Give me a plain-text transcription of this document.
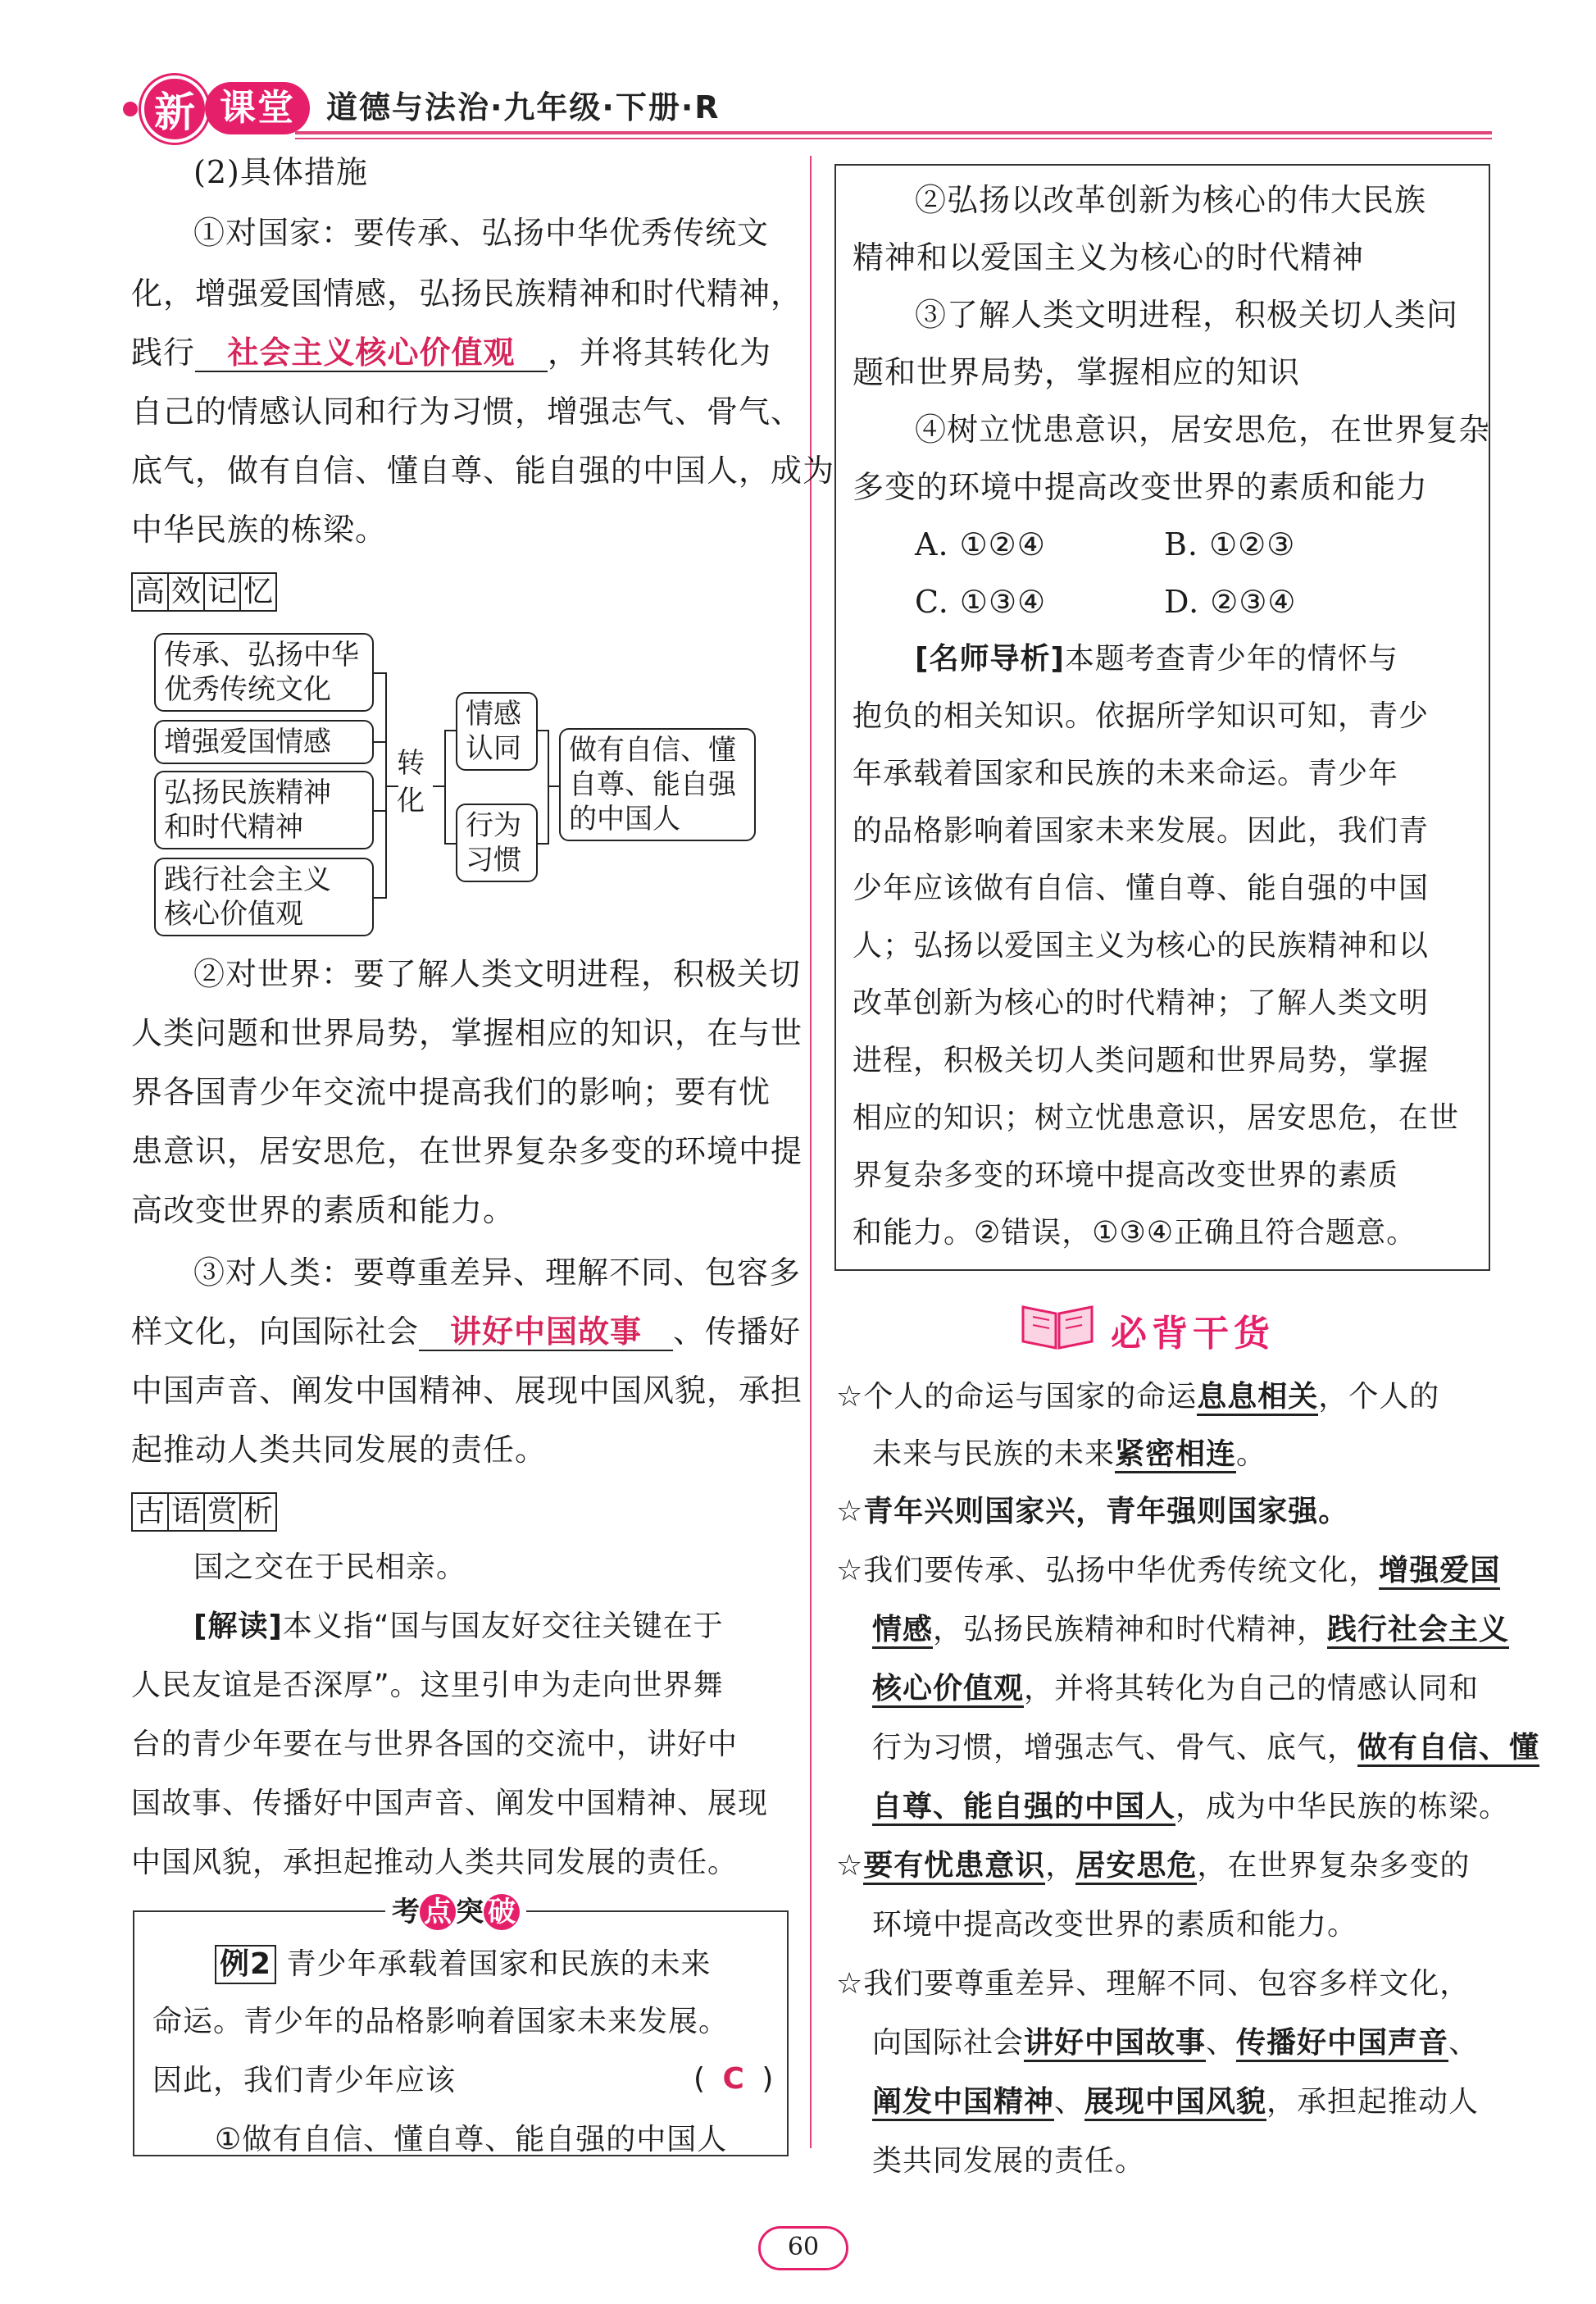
新 课堂	道德与法治·九年级·下册·R
(2)具体措施
①对国家：要传承、弘扬中华优秀传统文
化，增强爱国情感，弘扬民族精神和时代精神，
践行 社会主义核心价值观 ，并将其转化为
自己的情感认同和行为习惯，增强志气、骨气、
底气，做有自信、懂自尊、能自强的中国人，成为
中华民族的栋梁。
高 效 记 忆
传承、弘扬中华
优秀传统文化
增强爱国情感
弘扬民族精神
和时代精神
践行社会主义
核心价值观
转
化
情感
认同
行为
习惯
做有自信、懂
自尊、能自强
的中国人
②对世界：要了解人类文明进程，积极关切
人类问题和世界局势，掌握相应的知识，在与世
界各国青少年交流中提高我们的影响；要有忧
患意识，居安思危，在世界复杂多变的环境中提
高改变世界的素质和能力。
③对人类：要尊重差异、理解不同、包容多
样文化，向国际社会 讲好中国故事 、传播好
中国声音、阐发中国精神、展现中国风貌，承担
起推动人类共同发展的责任。
古 语 赏 析
国之交在于民相亲。
[解读]本义指“国与国友好交往关键在于
人民友谊是否深厚”。这里引申为走向世界舞
台的青少年要在与世界各国的交流中，讲好中
国故事、传播好中国声音、阐发中国精神、展现
中国风貌，承担起推动人类共同发展的责任。
考 点 突 破
例2 青少年承载着国家和民族的未来
命运。青少年的品格影响着国家未来发展。
因此，我们青少年应该	( C )
①做有自信、懂自尊、能自强的中国人
②弘扬以改革创新为核心的伟大民族
精神和以爱国主义为核心的时代精神
③了解人类文明进程，积极关切人类问
题和世界局势，掌握相应的知识
④树立忧患意识，居安思危，在世界复杂
多变的环境中提高改变世界的素质和能力
A. ①②④	B. ①②③
C. ①③④	D. ②③④
[名师导析]本题考查青少年的情怀与
抱负的相关知识。依据所学知识可知，青少
年承载着国家和民族的未来命运。青少年
的品格影响着国家未来发展。因此，我们青
少年应该做有自信、懂自尊、能自强的中国
人；弘扬以爱国主义为核心的民族精神和以
改革创新为核心的时代精神；了解人类文明
进程，积极关切人类问题和世界局势，掌握
相应的知识；树立忧患意识，居安思危，在世
界复杂多变的环境中提高改变世界的素质
和能力。②错误，①③④正确且符合题意。
必背干货
☆个人的命运与国家的命运息息相关，个人的
未来与民族的未来紧密相连。
☆青年兴则国家兴，青年强则国家强。
☆我们要传承、弘扬中华优秀传统文化，增强爱国
情感，弘扬民族精神和时代精神，践行社会主义
核心价值观，并将其转化为自己的情感认同和
行为习惯，增强志气、骨气、底气，做有自信、懂
自尊、能自强的中国人，成为中华民族的栋梁。
☆要有忧患意识，居安思危，在世界复杂多变的
环境中提高改变世界的素质和能力。
☆我们要尊重差异、理解不同、包容多样文化，
向国际社会讲好中国故事、传播好中国声音、
阐发中国精神、展现中国风貌，承担起推动人
类共同发展的责任。
60
